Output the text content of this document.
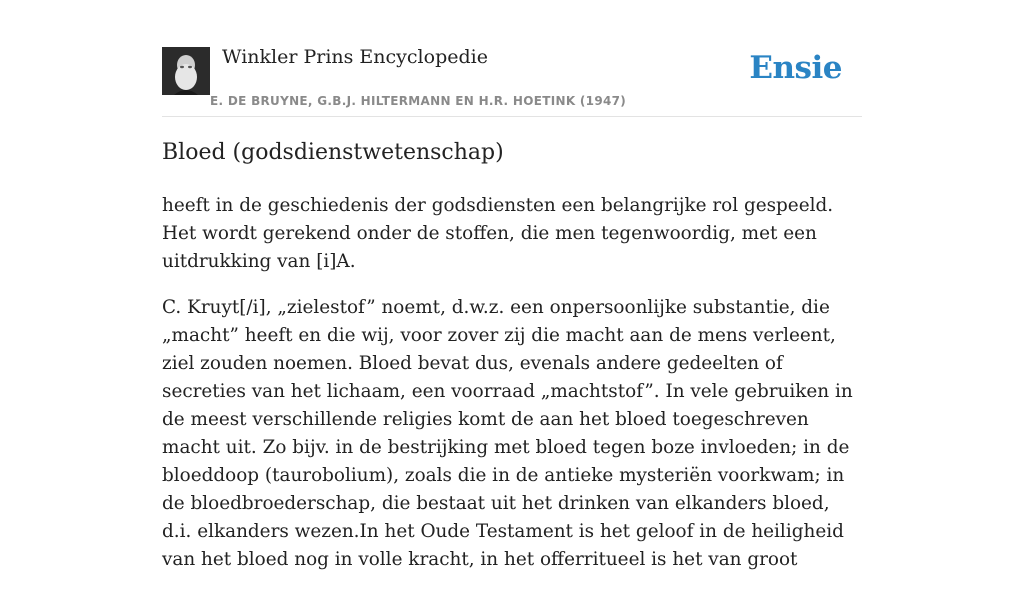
Winkler Prins Encyclopedie
E. DE BRUYNE, G.B.J. HILTERMANN EN H.R. HOETINK (1947)
Ensie
Bloed (godsdienstwetenschap)

heeft in de geschiedenis der godsdiensten een belangrijke rol gespeeld. Het wordt gerekend onder de stoffen, die men tegenwoordig, met een uitdrukking van [i]A.

C. Kruyt[/i], „zielestof” noemt, d.w.z. een onpersoonlijke substantie, die „macht” heeft en die wij, voor zover zij die macht aan de mens verleent, ziel zouden noemen. Bloed bevat dus, evenals andere gedeelten of secreties van het lichaam, een voorraad „machtstof”. In vele gebruiken in de meest verschillende religies komt de aan het bloed toegeschreven macht uit. Zo bijv. in de bestrijking met bloed tegen boze invloeden; in de bloeddoop (taurobolium), zoals die in de antieke mysteriën voorkwam; in de bloedbroederschap, die bestaat uit het drinken van elkanders bloed, d.i. elkanders wezen.In het Oude Testament is het geloof in de heiligheid van het bloed nog in volle kracht, in het offerritueel is het van groot
